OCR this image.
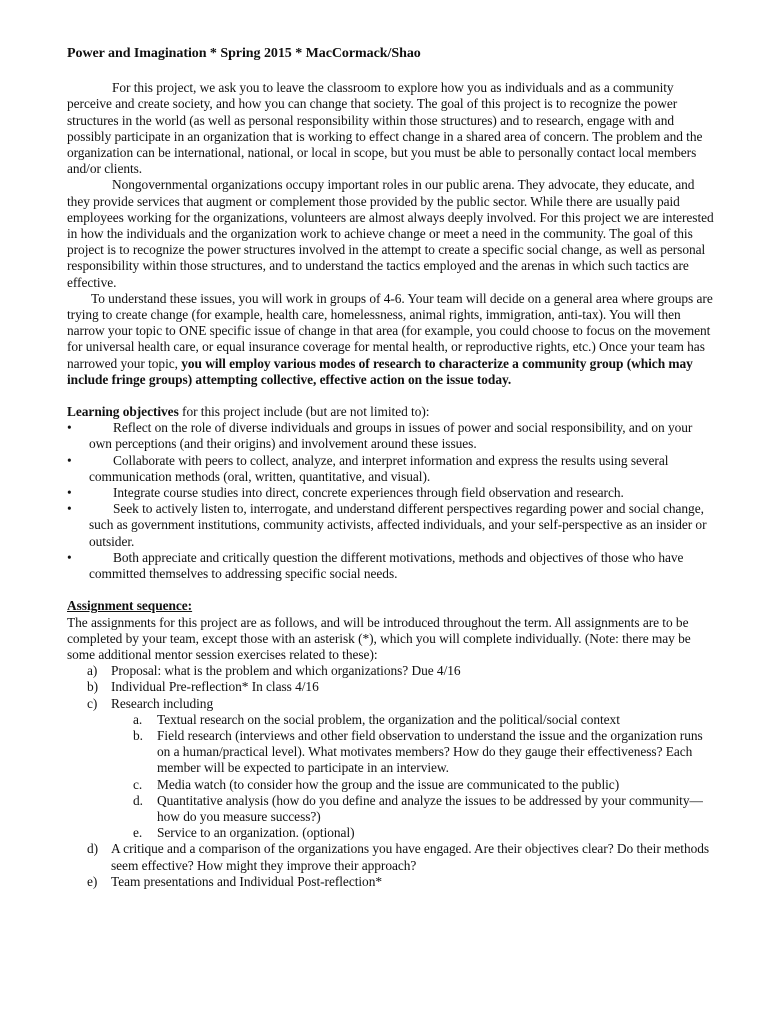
Power and Imagination * Spring 2015 * MacCormack/Shao

For this project, we ask you to leave the classroom to explore how you as individuals and as a community perceive and create society, and how you can change that society. The goal of this project is to recognize the power structures in the world (as well as personal responsibility within those structures) and to research, engage with and possibly participate in an organization that is working to effect change in a shared area of concern. The problem and the organization can be international, national, or local in scope, but you must be able to personally contact local members and/or clients.

Nongovernmental organizations occupy important roles in our public arena. They advocate, they educate, and they provide services that augment or complement those provided by the public sector. While there are usually paid employees working for the organizations, volunteers are almost always deeply involved. For this project we are interested in how the individuals and the organization work to achieve change or meet a need in the community. The goal of this project is to recognize the power structures involved in the attempt to create a specific social change, as well as personal responsibility within those structures, and to understand the tactics employed and the arenas in which such tactics are effective.

To understand these issues, you will work in groups of 4-6. Your team will decide on a general area where groups are trying to create change (for example, health care, homelessness, animal rights, immigration, anti-tax). You will then narrow your topic to ONE specific issue of change in that area (for example, you could choose to focus on the movement for universal health care, or equal insurance coverage for mental health, or reproductive rights, etc.) Once your team has narrowed your topic, you will employ various modes of research to characterize a community group (which may include fringe groups) attempting collective, effective action on the issue today.

Learning objectives for this project include (but are not limited to):

•	Reflect on the role of diverse individuals and groups in issues of power and social responsibility, and on your own perceptions (and their origins) and involvement around these issues.
•	Collaborate with peers to collect, analyze, and interpret information and express the results using several communication methods (oral, written, quantitative, and visual).
•	Integrate course studies into direct, concrete experiences through field observation and research.
•	Seek to actively listen to, interrogate, and understand different perspectives regarding power and social change, such as government institutions, community activists, affected individuals, and your self-perspective as an insider or outsider.
•	Both appreciate and critically question the different motivations, methods and objectives of those who have committed themselves to addressing specific social needs.

Assignment sequence:

The assignments for this project are as follows, and will be introduced throughout the term. All assignments are to be completed by your team, except those with an asterisk (*), which you will complete individually. (Note: there may be some additional mentor session exercises related to these):

a) Proposal: what is the problem and which organizations? Due 4/16
b) Individual Pre-reflection* In class 4/16
c) Research including
a. Textual research on the social problem, the organization and the political/social context
b. Field research (interviews and other field observation to understand the issue and the organization runs on a human/practical level). What motivates members? How do they gauge their effectiveness? Each member will be expected to participate in an interview.
c. Media watch (to consider how the group and the issue are communicated to the public)
d. Quantitative analysis (how do you define and analyze the issues to be addressed by your community—how do you measure success?)
e. Service to an organization. (optional)
d) A critique and a comparison of the organizations you have engaged. Are their objectives clear? Do their methods seem effective? How might they improve their approach?
e) Team presentations and Individual Post-reflection*
